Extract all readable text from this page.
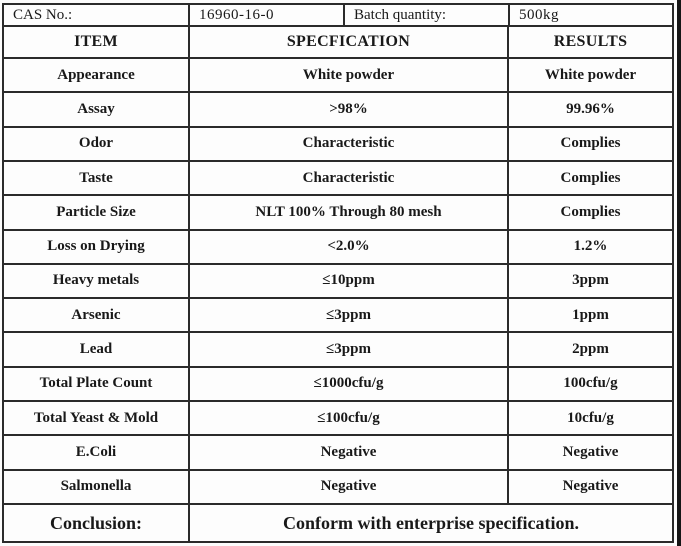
CAS No.:	16960-16-0	Batch quantity:	500kg
ITEM	SPECFICATION	RESULTS
Appearance	White powder	White powder
Assay	>98%	99.96%
Odor	Characteristic	Complies
Taste	Characteristic	Complies
Particle Size	NLT 100% Through 80 mesh	Complies
Loss on Drying	<2.0%	1.2%
Heavy metals	≤10ppm	3ppm
Arsenic	≤3ppm	1ppm
Lead	≤3ppm	2ppm
Total Plate Count	≤1000cfu/g	100cfu/g
Total Yeast & Mold	≤100cfu/g	10cfu/g
E.Coli	Negative	Negative
Salmonella	Negative	Negative
Conclusion:	Conform with enterprise specification.
